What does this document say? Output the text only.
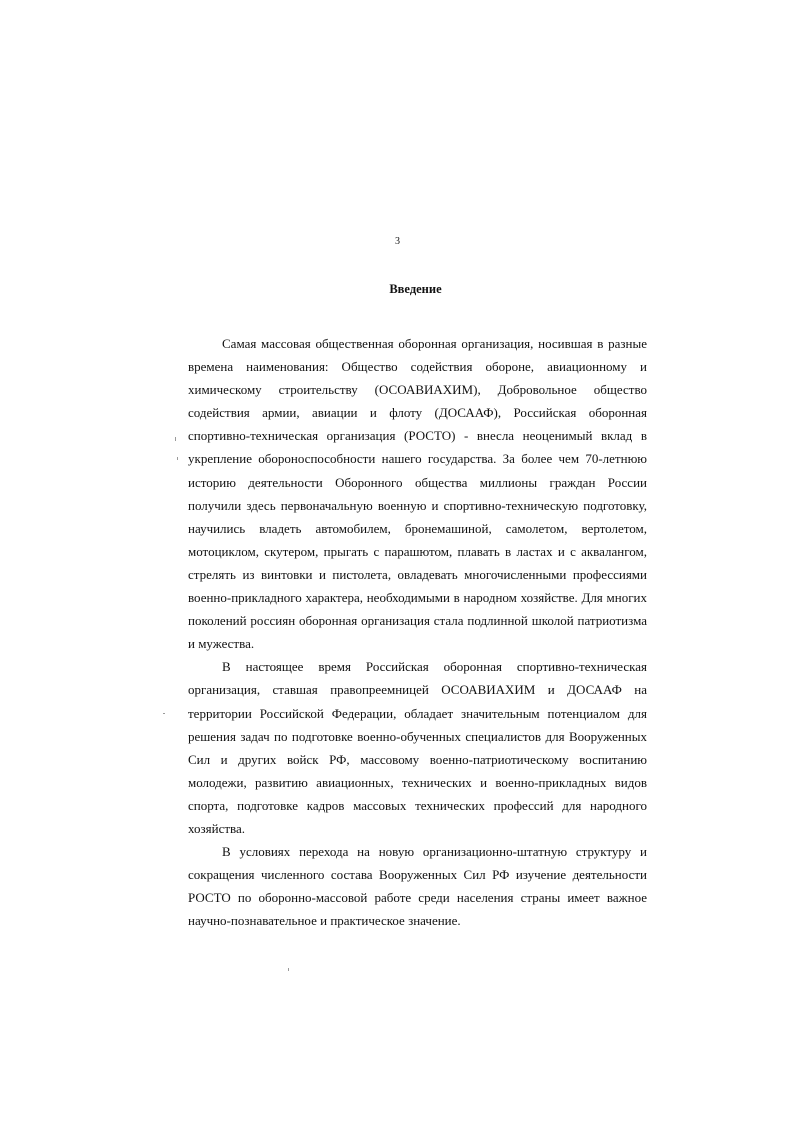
3
Введение

Самая массовая общественная оборонная организация, носившая в разные времена наименования: Общество содействия обороне, авиационному и химическому строительству (ОСОАВИАХИМ), Добровольное общество содействия армии, авиации и флоту (ДОСААФ), Российская оборонная спортивно-техническая организация (РОСТО) - внесла неоценимый вклад в укрепление обороноспособности нашего государства. За более чем 70-летнюю историю деятельности Оборонного общества миллионы граждан России получили здесь первоначальную военную и спортивно-техническую подготовку, научились владеть автомобилем, бронемашиной, самолетом, вертолетом, мотоциклом, скутером, прыгать с парашютом, плавать в ластах и с аквалангом, стрелять из винтовки и пистолета, овладевать многочисленными профессиями военно-прикладного характера, необходимыми в народном хозяйстве. Для многих поколений россиян оборонная организация стала подлинной школой патриотизма и мужества.

В настоящее время Российская оборонная спортивно-техническая организация, ставшая правопреемницей ОСОАВИАХИМ и ДОСААФ на территории Российской Федерации, обладает значительным потенциалом для решения задач по подготовке военно-обученных специалистов для Вооруженных Сил и других войск РФ, массовому военно-патриотическому воспитанию молодежи, развитию авиационных, технических и военно-прикладных видов спорта, подготовке кадров массовых технических профессий для народного хозяйства.

В условиях перехода на новую организационно-штатную структуру и сокращения численного состава Вооруженных Сил РФ изучение деятельности РОСТО по оборонно-массовой работе среди населения страны имеет важное научно-познавательное и практическое значение.
